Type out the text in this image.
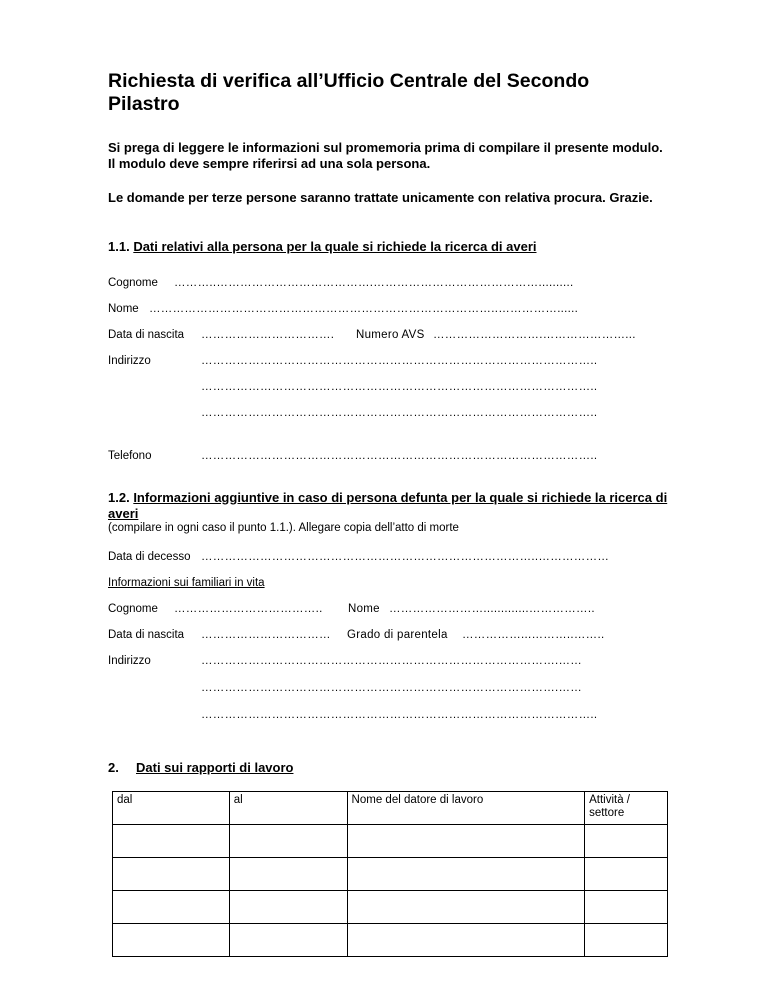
Richiesta di verifica all’Ufficio Centrale del Secondo Pilastro

Si prega di leggere le informazioni sul promemoria prima di compilare il presente modulo. Il modulo deve sempre riferirsi ad una sola persona.

Le domande per terze persone saranno trattate unicamente con relativa procura. Grazie.

1.1. Dati relativi alla persona per la quale si richiede la ricerca di averi

Cognome ………..………………………………….……………………………………..........
Nome ……………………………………………………………………………..……………......
Data di nascita …………………………….	Numero AVS ……………………….…………………...
Indirizzo	………………………………………………………………………………………..
………………………………………………………………………………………..
………………………………………………………………………………………..
Telefono	………………………………………………………………………………………..

1.2. Informazioni aggiuntive in caso di persona defunta per la quale si richiede la ricerca di averi

(compilare in ogni caso il punto 1.1.). Allegare copia dell’atto di morte
Data di decesso …………………………………………………………………………..………………
Informazioni sui familiari in vita
Cognome ………………………………..	Nome …………………….............……………..
Data di nascita ……………………………	Grado di parentela ……………...………..……..
Indirizzo	……………………………………………………………………………….……
……………………………………………………………………………….……
………………………………………………………………………………………..
2. Dati sui rapporti di lavoro
dal	al	Nome del datore di lavoro	Attività / settore
